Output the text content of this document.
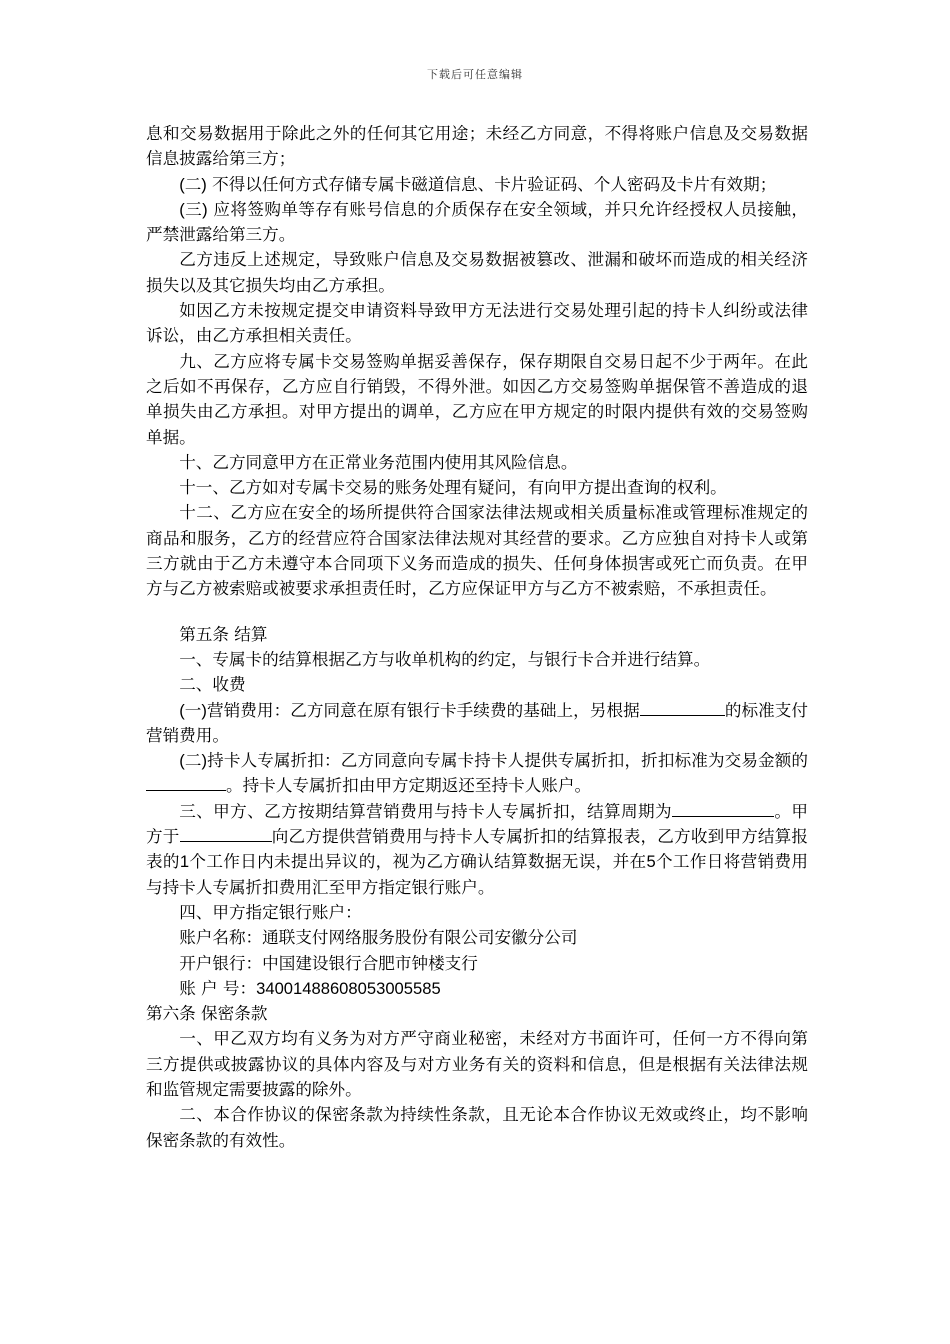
下载后可任意编辑

息和交易数据用于除此之外的任何其它用途；未经乙方同意，不得将账户信息及交易数据信息披露给第三方；

(二) 不得以任何方式存储专属卡磁道信息、卡片验证码、个人密码及卡片有效期；

(三) 应将签购单等存有账号信息的介质保存在安全领域，并只允许经授权人员接触，严禁泄露给第三方。

乙方违反上述规定，导致账户信息及交易数据被篡改、泄漏和破坏而造成的相关经济损失以及其它损失均由乙方承担。

如因乙方未按规定提交申请资料导致甲方无法进行交易处理引起的持卡人纠纷或法律诉讼，由乙方承担相关责任。

九、乙方应将专属卡交易签购单据妥善保存，保存期限自交易日起不少于两年。在此之后如不再保存，乙方应自行销毁，不得外泄。如因乙方交易签购单据保管不善造成的退单损失由乙方承担。对甲方提出的调单，乙方应在甲方规定的时限内提供有效的交易签购单据。

十、乙方同意甲方在正常业务范围内使用其风险信息。

十一、乙方如对专属卡交易的账务处理有疑问，有向甲方提出查询的权利。

十二、乙方应在安全的场所提供符合国家法律法规或相关质量标准或管理标准规定的商品和服务，乙方的经营应符合国家法律法规对其经营的要求。乙方应独自对持卡人或第三方就由于乙方未遵守本合同项下义务而造成的损失、任何身体损害或死亡而负责。在甲方与乙方被索赔或被要求承担责任时，乙方应保证甲方与乙方不被索赔，不承担责任。

第五条 结算

一、专属卡的结算根据乙方与收单机构的约定，与银行卡合并进行结算。

二、收费

(一)营销费用：乙方同意在原有银行卡手续费的基础上，另根据	的标准支付营销费用。

(二)持卡人专属折扣：乙方同意向专属卡持卡人提供专属折扣，折扣标准为交易金额的。持卡人专属折扣由甲方定期返还至持卡人账户。

三、甲方、乙方按期结算营销费用与持卡人专属折扣，结算周期为	。甲方于	向乙方提供营销费用与持卡人专属折扣的结算报表，乙方收到甲方结算报表的1个工作日内未提出异议的，视为乙方确认结算数据无误，并在5个工作日将营销费用与持卡人专属折扣费用汇至甲方指定银行账户。

四、甲方指定银行账户：

账户名称：通联支付网络服务股份有限公司安徽分公司

开户银行：中国建设银行合肥市钟楼支行

账 户 号：34001488608053005585

第六条 保密条款

一、甲乙双方均有义务为对方严守商业秘密，未经对方书面许可，任何一方不得向第三方提供或披露协议的具体内容及与对方业务有关的资料和信息，但是根据有关法律法规和监管规定需要披露的除外。

二、本合作协议的保密条款为持续性条款，且无论本合作协议无效或终止，均不影响保密条款的有效性。
